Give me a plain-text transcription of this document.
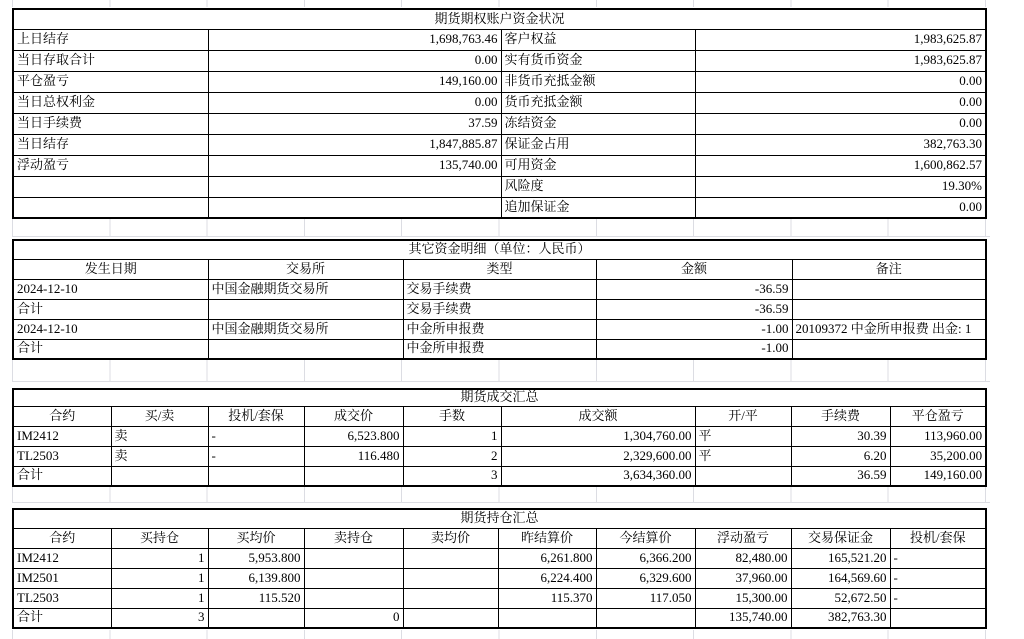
期货期权账户资金状况			
上日结存	1,698,763.46	客户权益	1,983,625.87
当日存取合计	0.00	实有货币资金	1,983,625.87
平仓盈亏	149,160.00	非货币充抵金额	0.00
当日总权利金	0.00	货币充抵金额	0.00
当日手续费	37.59	冻结资金	0.00
当日结存	1,847,885.87	保证金占用	382,763.30
浮动盈亏	135,740.00	可用资金	1,600,862.57
		风险度	19.30%
		追加保证金	0.00
其它资金明细（单位：人民币）				
发生日期	交易所	类型	金额	备注
2024-12-10	中国金融期货交易所	交易手续费	-36.59	
合计		交易手续费	-36.59	
2024-12-10	中国金融期货交易所	中金所申报费	-1.00	20109372 中金所申报费 出金: 1
合计		中金所申报费	-1.00	
期货成交汇总								
合约	买/卖	投机/套保	成交价	手数	成交额	开/平	手续费	平仓盈亏
IM2412	卖	-	6,523.800	1	1,304,760.00	平	30.39	113,960.00
TL2503	卖	-	116.480	2	2,329,600.00	平	6.20	35,200.00
合计				3	3,634,360.00		36.59	149,160.00
期货持仓汇总									
合约	买持仓	买均价	卖持仓	卖均价	昨结算价	今结算价	浮动盈亏	交易保证金	投机/套保
IM2412	1	5,953.800			6,261.800	6,366.200	82,480.00	165,521.20	-
IM2501	1	6,139.800			6,224.400	6,329.600	37,960.00	164,569.60	-
TL2503	1	115.520			115.370	117.050	15,300.00	52,672.50	-
合计	3		0				135,740.00	382,763.30	
